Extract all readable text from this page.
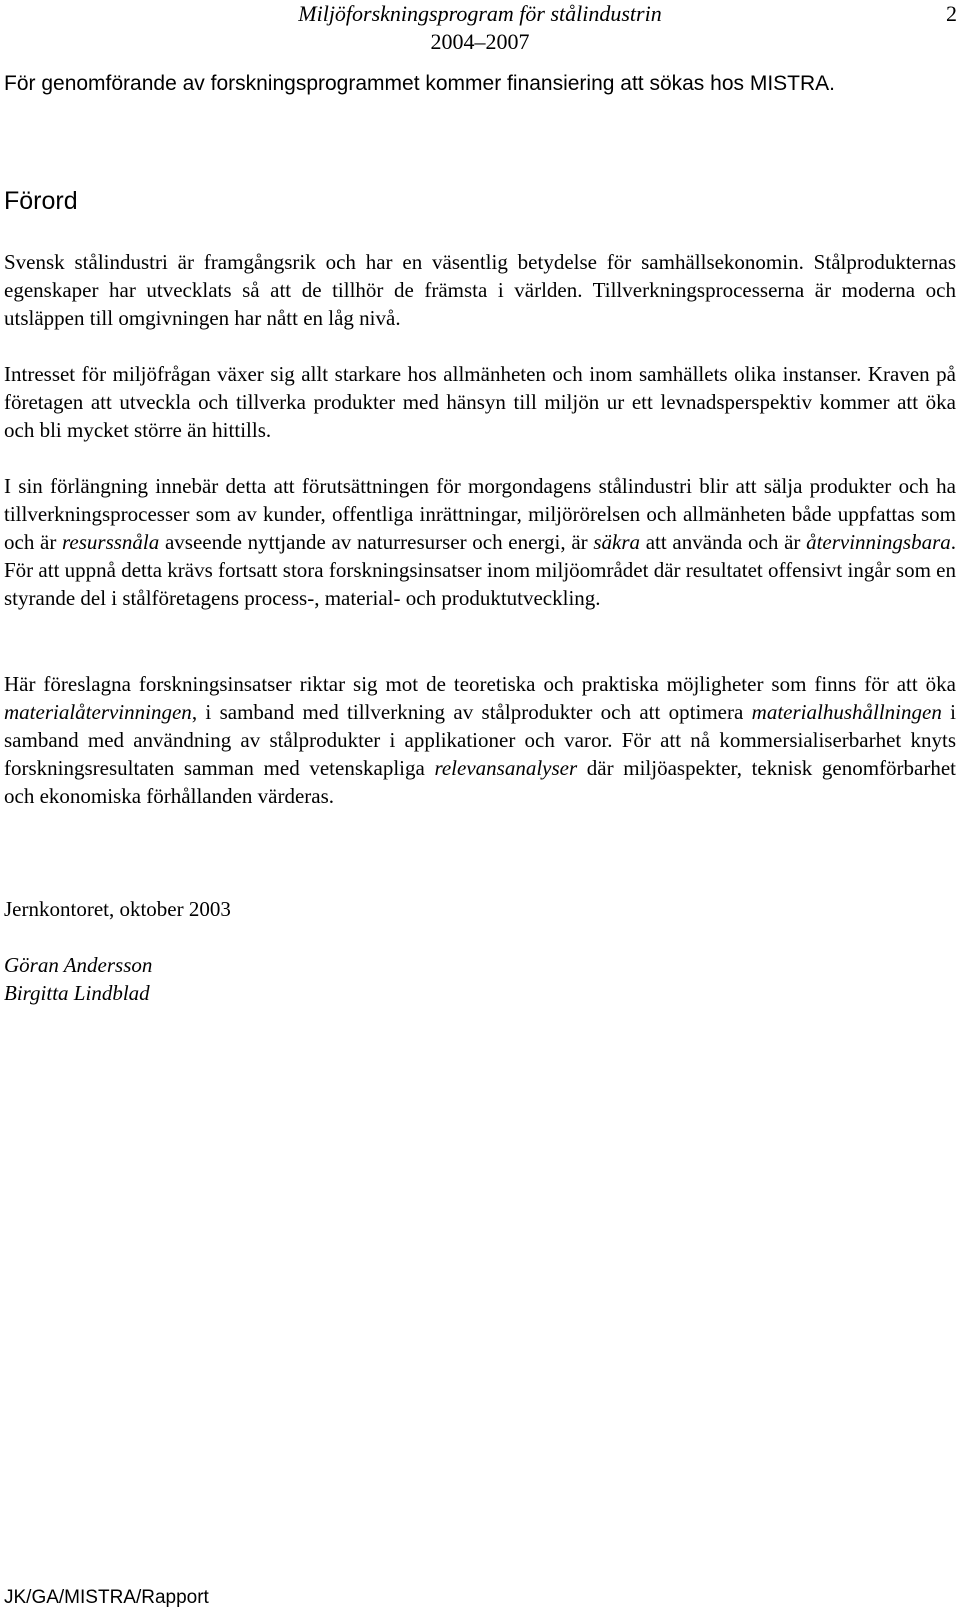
Miljöforskningsprogram för stålindustrin
2004–2007
2
För genomförande av forskningsprogrammet kommer finansiering att sökas hos MISTRA.
Förord

Svensk stålindustri är framgångsrik och har en väsentlig betydelse för samhällsekonomin. Stålprodukternas egenskaper har utvecklats så att de tillhör de främsta i världen. Tillverkningsprocesserna är moderna och utsläppen till omgivningen har nått en låg nivå.

Intresset för miljöfrågan växer sig allt starkare hos allmänheten och inom samhällets olika instanser. Kraven på företagen att utveckla och tillverka produkter med hänsyn till miljön ur ett levnadsperspektiv kommer att öka och bli mycket större än hittills.

I sin förlängning innebär detta att förutsättningen för morgondagens stålindustri blir att sälja produkter och ha tillverkningsprocesser som av kunder, offentliga inrättningar, miljörörelsen och allmänheten både uppfattas som och är resurssnåla avseende nyttjande av naturresurser och energi, är säkra att använda och är återvinningsbara. För att uppnå detta krävs fortsatt stora forskningsinsatser inom miljöområdet där resultatet offensivt ingår som en styrande del i stålföretagens process-, material- och produktutveckling.

Här föreslagna forskningsinsatser riktar sig mot de teoretiska och praktiska möjligheter som finns för att öka materialåtervinningen, i samband med tillverkning av stålprodukter och att optimera materialhushållningen i samband med användning av stålprodukter i applikationer och varor. För att nå kommersialiserbarhet knyts forskningsresultaten samman med vetenskapliga relevansanalyser där miljöaspekter, teknisk genomförbarhet och ekonomiska förhållanden värderas.

Jernkontoret, oktober 2003
Göran Andersson
Birgitta Lindblad
JK/GA/MISTRA/Rapport
